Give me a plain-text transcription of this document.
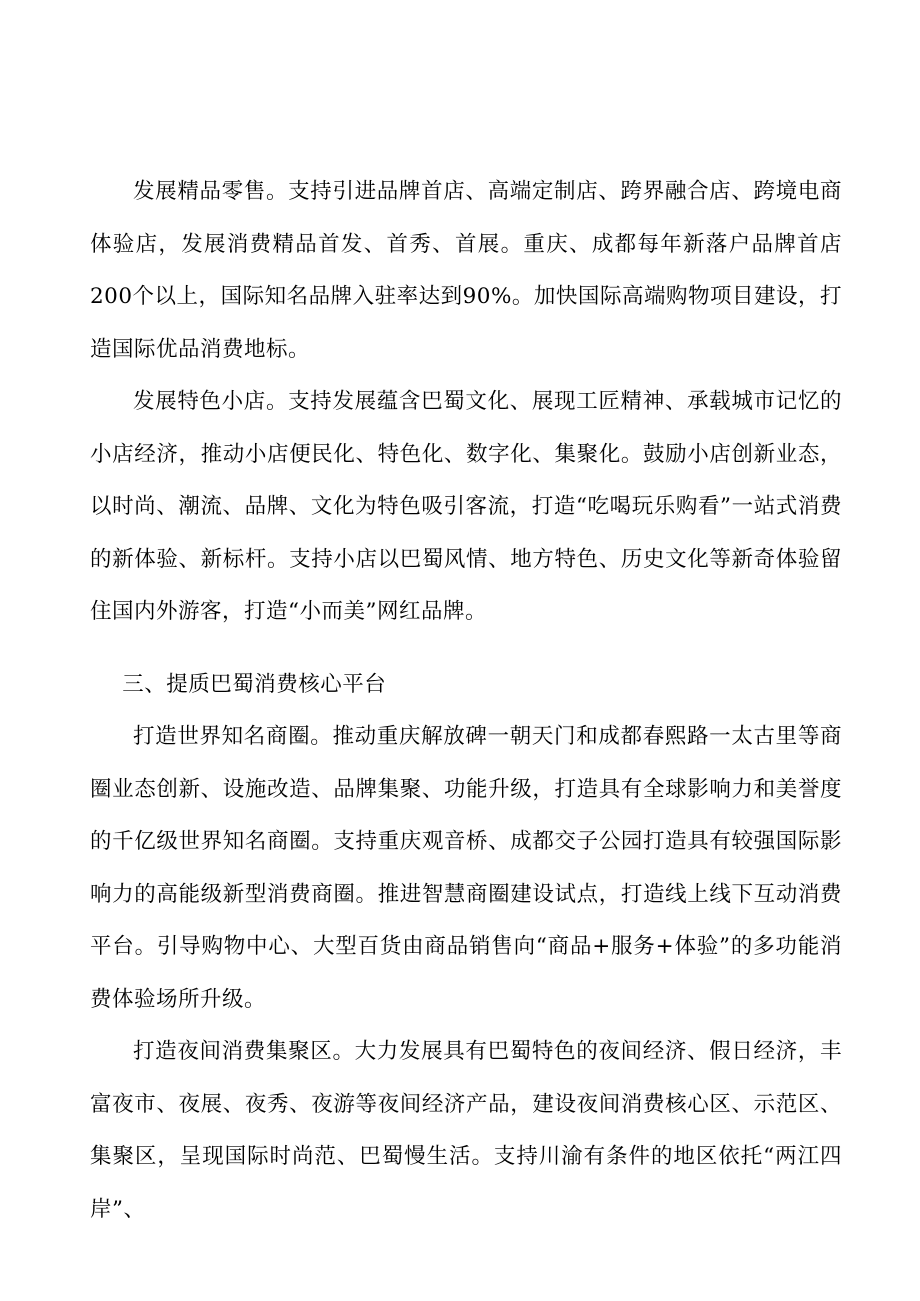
发展精品零售。支持引进品牌首店、高端定制店、跨界融合店、跨境电商体验店，发展消费精品首发、首秀、首展。重庆、成都每年新落户品牌首店200个以上，国际知名品牌入驻率达到90%。加快国际高端购物项目建设，打造国际优品消费地标。

发展特色小店。支持发展蕴含巴蜀文化、展现工匠精神、承载城市记忆的小店经济，推动小店便民化、特色化、数字化、集聚化。鼓励小店创新业态，以时尚、潮流、品牌、文化为特色吸引客流，打造“吃喝玩乐购看”一站式消费的新体验、新标杆。支持小店以巴蜀风情、地方特色、历史文化等新奇体验留住国内外游客，打造“小而美”网红品牌。

三、提质巴蜀消费核心平台

打造世界知名商圈。推动重庆解放碑一朝天门和成都春熙路一太古里等商圈业态创新、设施改造、品牌集聚、功能升级，打造具有全球影响力和美誉度的千亿级世界知名商圈。支持重庆观音桥、成都交子公园打造具有较强国际影响力的高能级新型消费商圈。推进智慧商圈建设试点，打造线上线下互动消费平台。引导购物中心、大型百货由商品销售向“商品+服务+体验”的多功能消费体验场所升级。

打造夜间消费集聚区。大力发展具有巴蜀特色的夜间经济、假日经济，丰富夜市、夜展、夜秀、夜游等夜间经济产品，建设夜间消费核心区、示范区、集聚区，呈现国际时尚范、巴蜀慢生活。支持川渝有条件的地区依托“两江四岸”、
